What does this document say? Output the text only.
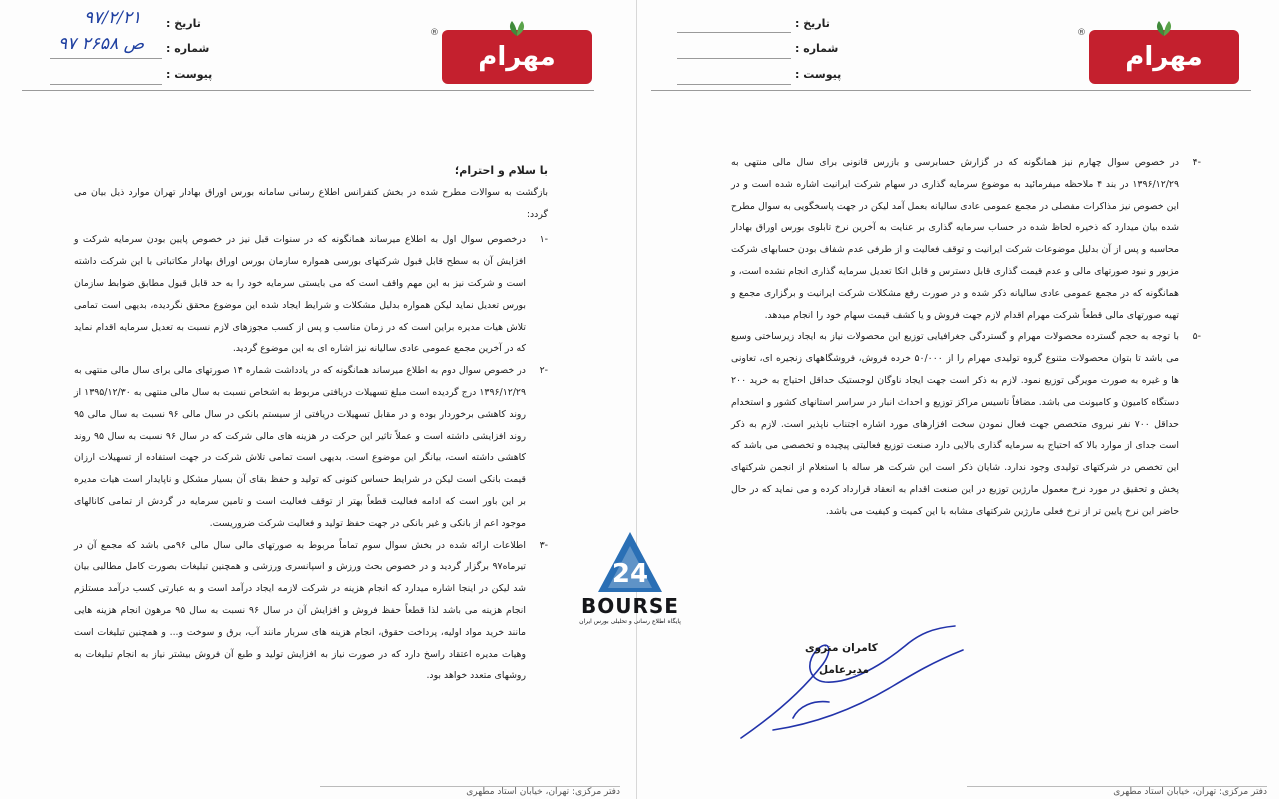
مهرام
®
تاریخ :
شماره :
پیوست :
۹۷/۲/۲۱
۹۷ ص ۲۶۵۸

با سلام و احترام؛

بازگشت به سوالات مطرح شده در بخش کنفرانس اطلاع رسانی سامانه بورس اوراق بهادار تهران موارد ذیل بیان می گردد:

-۱

درخصوص سوال اول به اطلاع میرساند همانگونه که در سنوات قبل نیز در خصوص پایین بودن سرمایه شرکت و افزایش آن به سطح قابل قبول شرکتهای بورسی همواره سازمان بورس اوراق بهادار مکاتباتی با این شرکت داشته است و شرکت نیز به این مهم واقف است که می بایستی سرمایه خود را به حد قابل قبول مطابق ضوابط سازمان بورس تعدیل نماید لیکن همواره بدلیل مشکلات و شرایط ایجاد شده این موضوع محقق نگردیده، بدیهی است تمامی تلاش هیات مدیره براین است که در زمان مناسب و پس از کسب مجوزهای لازم نسبت به تعدیل سرمایه اقدام نماید که در آخرین مجمع عمومی عادی سالیانه نیز اشاره ای به این موضوع گردید.

-۲

در خصوص سوال دوم به اطلاع میرساند همانگونه که در یادداشت شماره ۱۴ صورتهای مالی برای سال مالی منتهی به ۱۳۹۶/۱۲/۲۹ درج گردیده است مبلغ تسهیلات دریافتی مربوط به اشخاص نسبت به سال مالی منتهی به ۱۳۹۵/۱۲/۳۰ از روند کاهشی برخوردار بوده و در مقابل تسهیلات دریافتی از سیستم بانکی در سال مالی ۹۶ نسبت به سال مالی ۹۵ روند افزایشی داشته است و عملاً تاثیر این حرکت در هزینه های مالی شرکت که در سال ۹۶ نسبت به سال ۹۵ روند کاهشی داشته است، بیانگر این موضوع است. بدیهی است تمامی تلاش شرکت در جهت استفاده از تسهیلات ارزان قیمت بانکی است لیکن در شرایط حساس کنونی که تولید و حفظ بقای آن بسیار مشکل و ناپایدار است هیات مدیره بر این باور است که ادامه فعالیت قطعاً بهتر از توقف فعالیت است و تامین سرمایه در گردش از تمامی کانالهای موجود اعم از بانکی و غیر بانکی در جهت حفظ تولید و فعالیت شرکت ضروریست.

-۳

اطلاعات ارائه شده در بخش سوال سوم تماماً مربوط به صورتهای مالی سال مالی ۹۶می باشد که مجمع آن در تیرماه۹۷ برگزار گردید و در خصوص بحث ورزش و اسپانسری ورزشی و همچنین تبلیغات بصورت کامل مطالبی بیان شد لیکن در اینجا اشاره میدارد که انجام هزینه در شرکت لازمه ایجاد درآمد است و به عبارتی کسب درآمد مستلزم انجام هزینه می باشد لذا قطعاً حفظ فروش و افزایش آن در سال ۹۶ نسبت به سال ۹۵ مرهون انجام هزینه هایی مانند خرید مواد اولیه، پرداخت حقوق، انجام هزینه های سربار مانند آب، برق و سوخت و... و همچنین تبلیغات است وهیات مدیره اعتقاد راسخ دارد که در صورت نیاز به افزایش تولید و طبع آن فروش بیشتر نیاز به انجام تبلیغات به روشهای متعدد خواهد بود.

دفتر مرکزی: تهران، خیابان استاد مطهری
مهرام
®
تاریخ :
شماره :
پیوست :
-۴

در خصوص سوال چهارم نیز همانگونه که در گزارش حسابرسی و بازرس قانونی برای سال مالی منتهی به ۱۳۹۶/۱۲/۲۹ در بند ۴ ملاحظه میفرمائید به موضوع سرمایه گذاری در سهام شرکت ایرانیت اشاره شده است و در این خصوص نیز مذاکرات مفصلی در مجمع عمومی عادی سالیانه بعمل آمد لیکن در جهت پاسخگویی به سوال مطرح شده بیان میدارد که ذخیره لحاظ شده در حساب سرمایه گذاری بر عنایت به آخرین نرخ تابلوی بورس اوراق بهادار محاسبه و پس از آن بدلیل موضوعات شرکت ایرانیت و توقف فعالیت و از طرفی عدم شفاف بودن حسابهای شرکت مزبور و نبود صورتهای مالی و عدم قیمت گذاری قابل دسترس و قابل اتکا تعدیل سرمایه گذاری انجام نشده است، و همانگونه که در مجمع عمومی عادی سالیانه ذکر شده و در صورت رفع مشکلات شرکت ایرانیت و برگزاری مجمع و تهیه صورتهای مالی قطعاً شرکت مهرام اقدام لازم جهت فروش و یا کشف قیمت سهام خود را انجام میدهد.

-۵

با توجه به حجم گسترده محصولات مهرام و گستردگی جغرافیایی توزیع این محصولات نیاز به ایجاد زیرساختی وسیع می باشد تا بتوان محصولات متنوع گروه تولیدی مهرام را از ۵۰/۰۰۰ خرده فروش، فروشگاههای زنجیره ای، تعاونی ها و غیره به صورت مویرگی توزیع نمود. لازم به ذکر است جهت ایجاد ناوگان لوجستیک حداقل احتیاج به خرید ۲۰۰ دستگاه کامیون و کامیونت می باشد. مضافاً تاسیس مراکز توزیع و احداث انبار در سراسر استانهای کشور و استخدام حداقل ۷۰۰ نفر نیروی متخصص جهت فعال نمودن سخت افزارهای مورد اشاره اجتناب ناپذیر است. لازم به ذکر است جدای از موارد بالا که احتیاج به سرمایه گذاری بالایی دارد صنعت توزیع فعالیتی پیچیده و تخصصی می باشد که این تخصص در شرکتهای تولیدی وجود ندارد. شایان ذکر است این شرکت هر ساله با استعلام از انجمن شرکتهای پخش و تحقیق در مورد نرخ معمول مارژین توزیع در این صنعت اقدام به انعقاد قرارداد کرده و می نماید که در حال حاضر این نرخ پایین تر از نرخ فعلی مارژین شرکتهای مشابه با این کمیت و کیفیت می باشد.

کامران منزوی
مدیرعامل
دفتر مرکزی: تهران، خیابان استاد مطهری
24
BOURSE
پایگاه اطلاع رسانی و تحلیلی بورس ایران
